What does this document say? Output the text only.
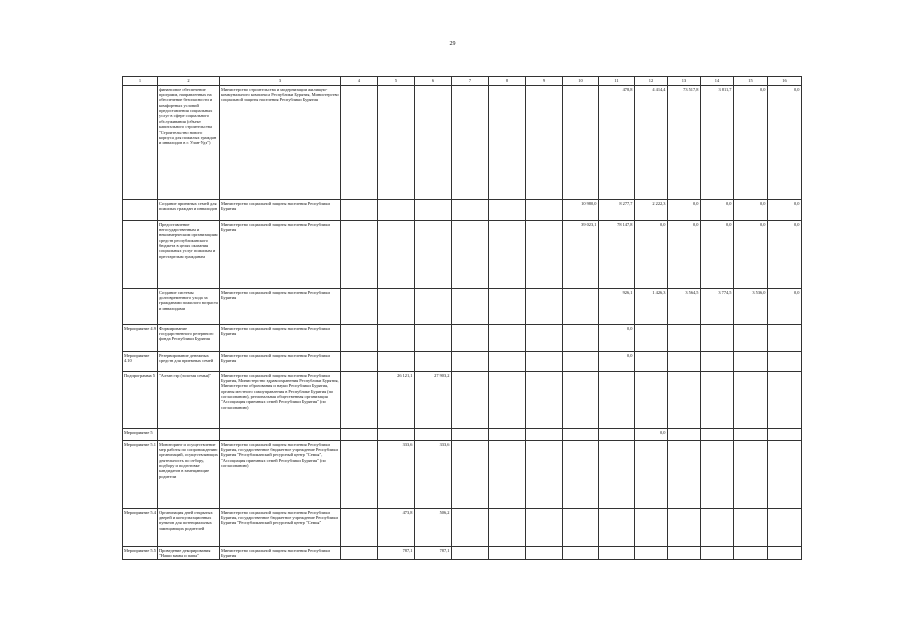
29
1	2	3	4	5	6	7	8	9	10	11	12	13	14	15	16
	финансовое обеспечение программ, направленных на обеспечение безопасности и комфортных условий предоставления социальных услуг в сфере социального обслуживания (объект капитального строительства "Строительство нового корпуса для пожилых граждан и инвалидов в г. Улан-Удэ")	Министерство строительства и модернизации жилищно-коммунального комплекса Республики Бурятия, Министерство социальной защиты населения Республики Бурятия								478,8	4 414,4	73 517,8	3 811,7	0,0	0,0
	Создание приемных семей для пожилых граждан и инвалидов	Министерство социальной защиты населения Республики Бурятия							10 980,0	8 277,7	2 222,3	0,0	0,0	0,0	0,0
	Предоставление негосударственным и некоммерческим организациям средств республиканского бюджета в целях оказания социальных услуг пожилым и престарелым гражданам	Министерство социальной защиты населения Республики Бурятия							39 023,1	78 147,8	0,0	0,0	0,0	0,0	0,0
	Создание системы долговременного ухода за гражданами пожилого возраста и инвалидами	Министерство социальной защиты населения Республики Бурятия								926,1	1 426,3	3 564,5	3 774,5	3 536,0	0,0
Мероприятие 4.9	Формирование государственного резервного фонда Республики Бурятия	Министерство социальной защиты населения Республики Бурятия								0,0					
Мероприятие 4.10	Резервирование денежных средств для приемных семей	Министерство социальной защиты населения Республики Бурятия								0,0					
Подпрограмма 5	"Алтан гэр (золотая семья)"	Министерство социальной защиты населения Республики Бурятия, Министерство здравоохранения Республики Бурятия, Министерство образования и науки Республики Бурятия, органы местного самоуправления в Республике Бурятия (по согласованию), региональная общественная организация "Ассоциация приемных семей Республики Бурятия" (по согласованию)		26 121,1	27 903,2										
Мероприятие 5											0,0				
Мероприятие 5.1	Мониторинг и осуществление мер работы по сопровождению организаций, осуществляющих деятельность по отбору, подбору и подготовке кандидатов в замещающие родители	Министерство социальной защиты населения Республики Бурятия, государственное бюджетное учреждение Республики Бурятия "Республиканский ресурсный центр "Семья", "Ассоциация приемных семей Республики Бурятия" (по согласованию)		333,6	333,6										
Мероприятие 5.4	Организация дней открытых дверей и консультационных пунктов для потенциальных замещающих родителей	Министерство социальной защиты населения Республики Бурятия, государственное бюджетное учреждение Республики Бурятия "Республиканский ресурсный центр "Семья"		473,8	506,2										
Мероприятие 5.5	Проведение декорирования "Наши мамы и папы"	Министерство социальной защиты населения Республики Бурятия		787,1	787,1										
